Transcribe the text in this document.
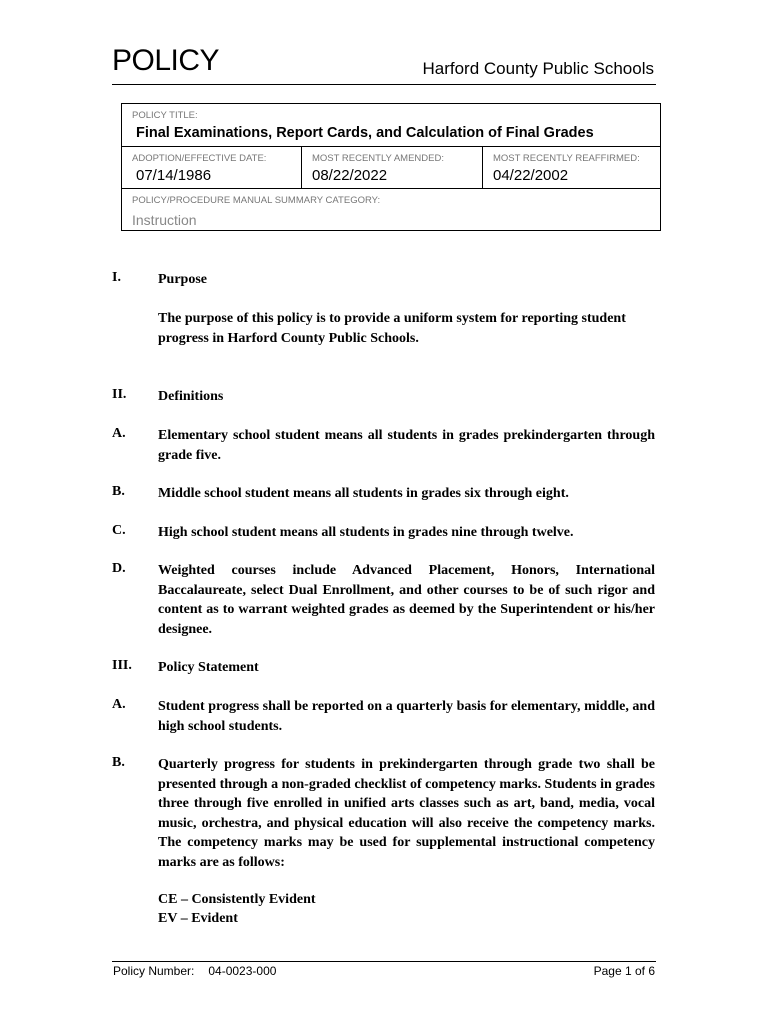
POLICY	Harford County Public Schools
POLICY TITLE:
Final Examinations, Report Cards, and Calculation of Final Grades
ADOPTION/EFFECTIVE DATE:
07/14/1986
MOST RECENTLY AMENDED:
08/22/2022
MOST RECENTLY REAFFIRMED:
04/22/2002
POLICY/PROCEDURE MANUAL SUMMARY CATEGORY:
Instruction
I.	Purpose
The purpose of this policy is to provide a uniform system for reporting student progress in Harford County Public Schools.
II. Definitions
A. Elementary school student means all students in grades prekindergarten through grade five.
B. Middle school student means all students in grades six through eight.
C. High school student means all students in grades nine through twelve.
D. Weighted courses include Advanced Placement, Honors, International Baccalaureate, select Dual Enrollment, and other courses to be of such rigor and content as to warrant weighted grades as deemed by the Superintendent or his/her designee.
III. Policy Statement
A. Student progress shall be reported on a quarterly basis for elementary, middle, and high school students.
B. Quarterly progress for students in prekindergarten through grade two shall be presented through a non-graded checklist of competency marks. Students in grades three through five enrolled in unified arts classes such as art, band, media, vocal music, orchestra, and physical education will also receive the competency marks. The competency marks may be used for supplemental instructional competency marks are as follows:
CE – Consistently Evident
EV – Evident
Policy Number: 04-0023-000	Page 1 of 6
